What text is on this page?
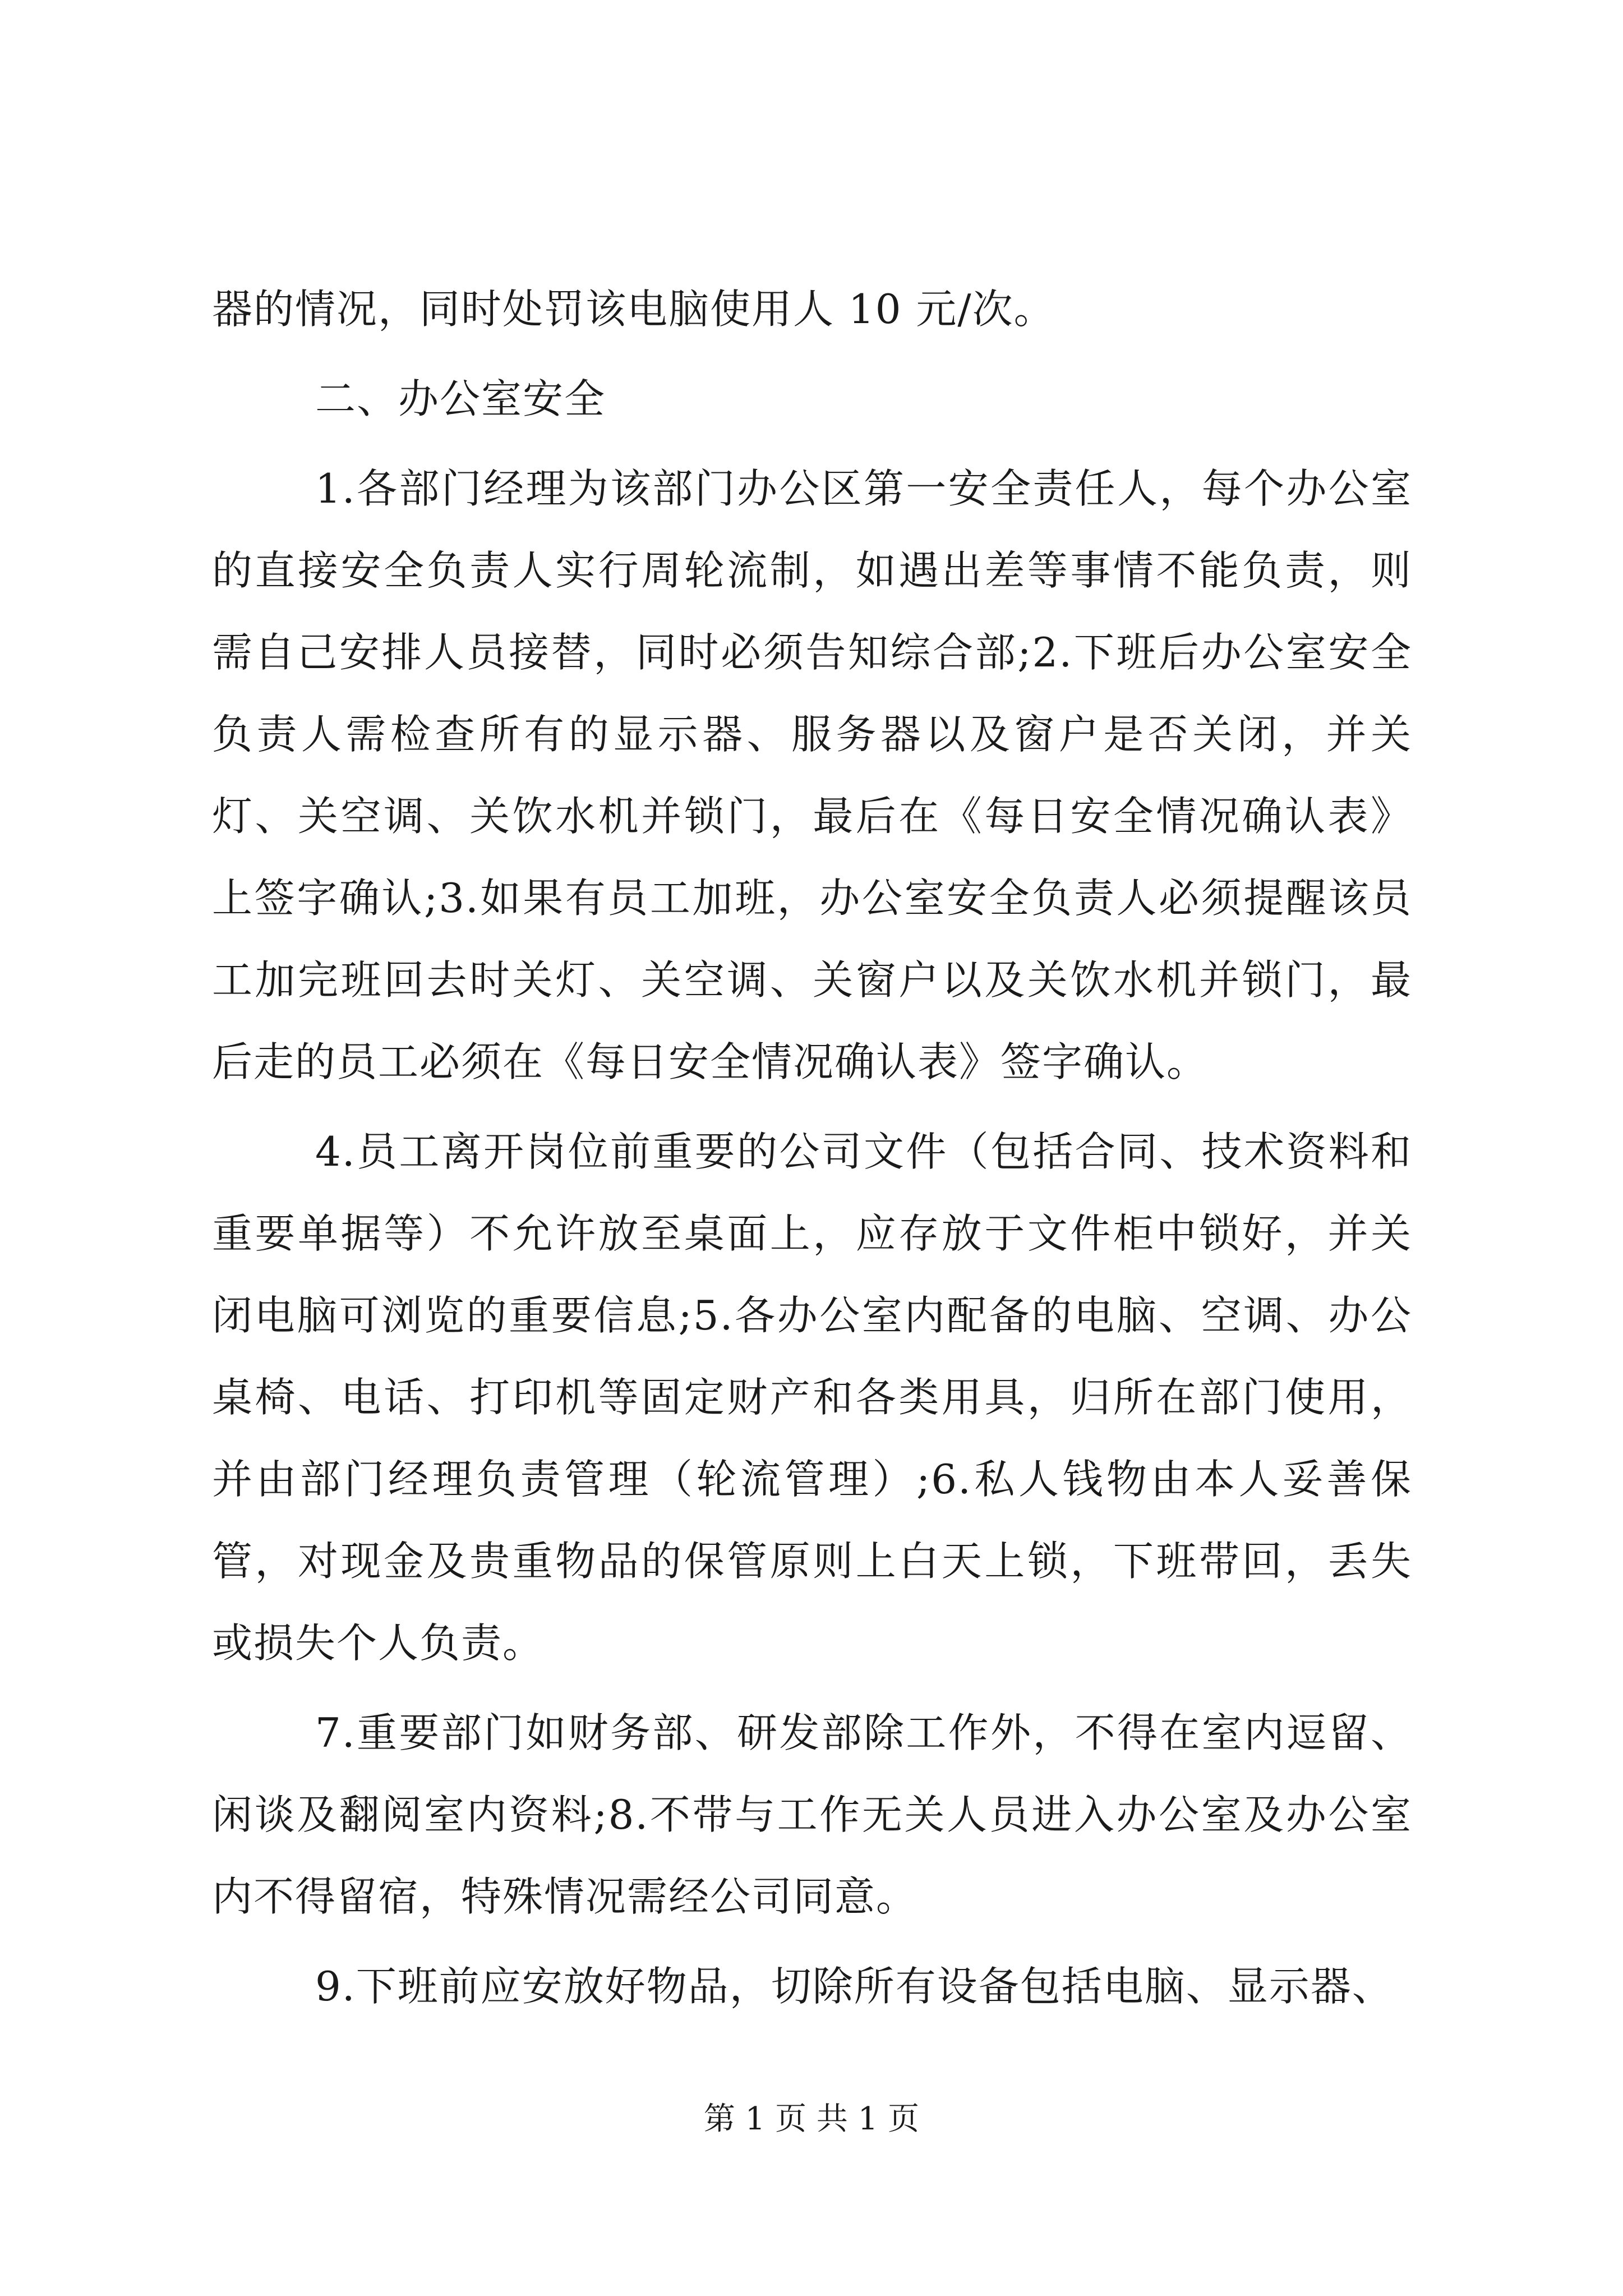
器的情况，同时处罚该电脑使用人 10 元/次。

二、办公室安全

1.各部门经理为该部门办公区第一安全责任人，每个办公室的直接安全负责人实行周轮流制，如遇出差等事情不能负责，则需自己安排人员接替，同时必须告知综合部;2.下班后办公室安全负责人需检查所有的显示器、服务器以及窗户是否关闭，并关灯、关空调、关饮水机并锁门，最后在《每日安全情况确认表》上签字确认;3.如果有员工加班，办公室安全负责人必须提醒该员工加完班回去时关灯、关空调、关窗户以及关饮水机并锁门，最后走的员工必须在《每日安全情况确认表》签字确认。

4.员工离开岗位前重要的公司文件（包括合同、技术资料和重要单据等）不允许放至桌面上，应存放于文件柜中锁好，并关闭电脑可浏览的重要信息;5.各办公室内配备的电脑、空调、办公桌椅、电话、打印机等固定财产和各类用具，归所在部门使用，并由部门经理负责管理（轮流管理）;6.私人钱物由本人妥善保管，对现金及贵重物品的保管原则上白天上锁，下班带回，丢失或损失个人负责。

7.重要部门如财务部、研发部除工作外，不得在室内逗留、闲谈及翻阅室内资料;8.不带与工作无关人员进入办公室及办公室内不得留宿，特殊情况需经公司同意。

9.下班前应安放好物品，切除所有设备包括电脑、显示器、

第 1 页 共 1 页
